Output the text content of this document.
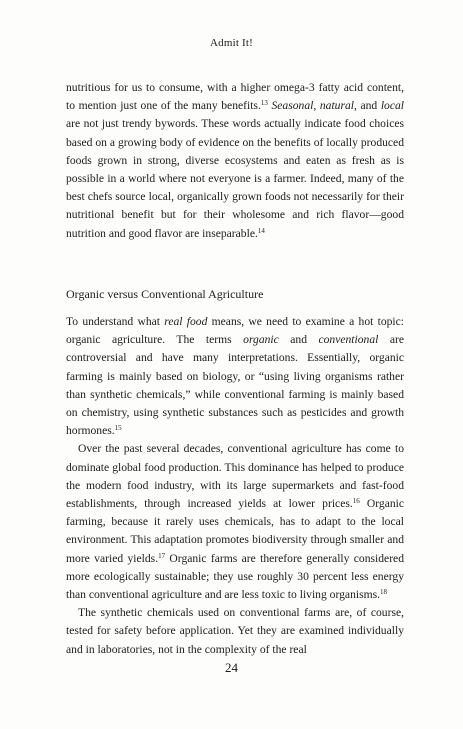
Admit It!

nutritious for us to consume, with a higher omega-3 fatty acid content, to mention just one of the many benefits.$^{13}$ Seasonal, natural, and local are not just trendy bywords. These words actually indicate food choices based on a growing body of evidence on the benefits of locally produced foods grown in strong, diverse ecosystems and eaten as fresh as is possible in a world where not everyone is a farmer. Indeed, many of the best chefs source local, organically grown foods not necessarily for their nutritional benefit but for their wholesome and rich flavor—good nutrition and good flavor are inseparable.$^{14}$

Organic versus Conventional Agriculture

To understand what real food means, we need to examine a hot topic: organic agriculture. The terms organic and conventional are controversial and have many interpretations. Essentially, organic farming is mainly based on biology, or “using living organisms rather than synthetic chemicals,” while conventional farming is mainly based on chemistry, using synthetic substances such as pesticides and growth hormones.$^{15}$

Over the past several decades, conventional agriculture has come to dominate global food production. This dominance has helped to produce the modern food industry, with its large supermarkets and fast-food establishments, through increased yields at lower prices.$^{16}$ Organic farming, because it rarely uses chemicals, has to adapt to the local environment. This adaptation promotes biodiversity through smaller and more varied yields.$^{17}$ Organic farms are therefore generally considered more ecologically sustainable; they use roughly 30 percent less energy than conventional agriculture and are less toxic to living organisms.$^{18}$

The synthetic chemicals used on conventional farms are, of course, tested for safety before application. Yet they are examined individually and in laboratories, not in the complexity of the real

24
